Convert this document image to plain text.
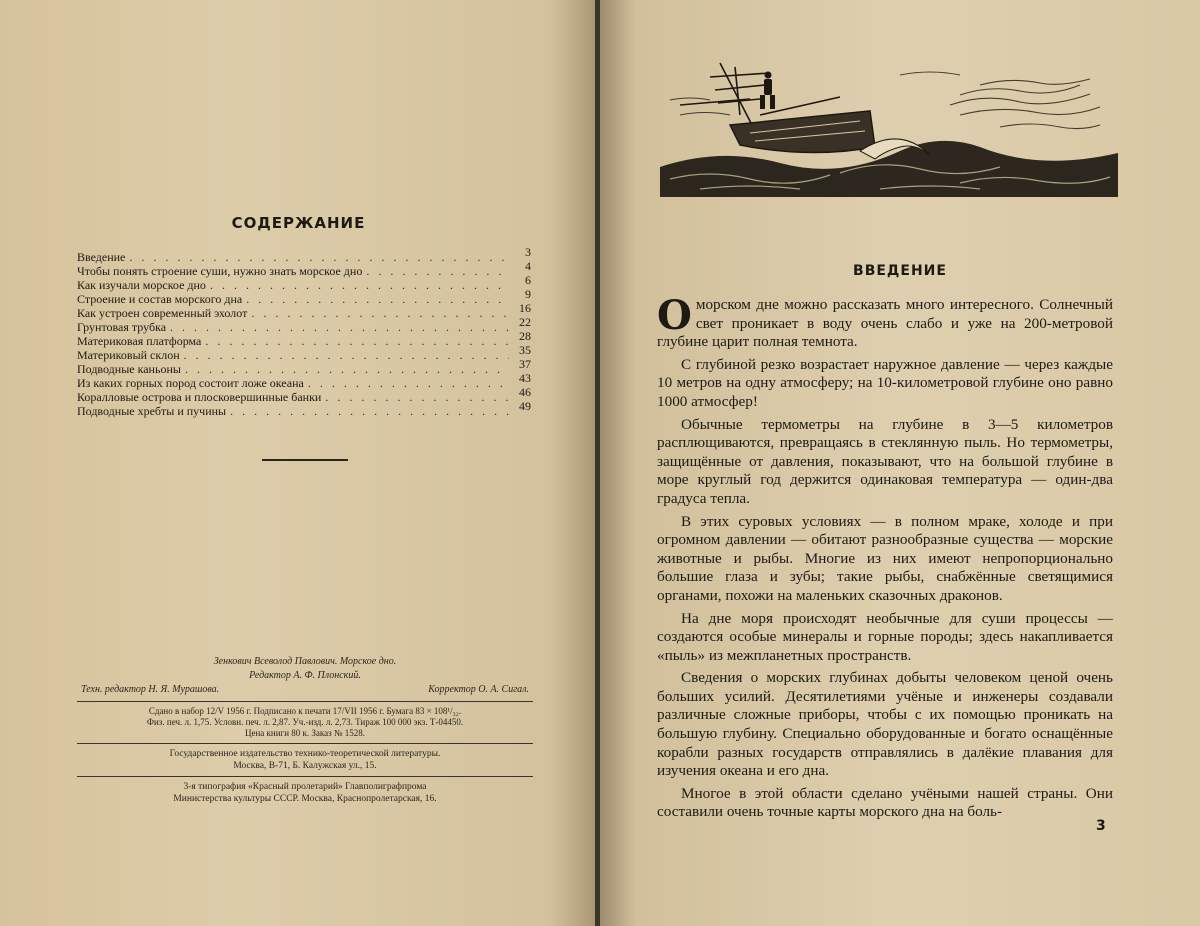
СОДЕРЖАНИЕ
Введение . . .	3
Чтобы понять строение суши, нужно знать морское дно . . .	4
Как изучали морское дно . . .	6
Строение и состав морского дна . . .	9
Как устроен современный эхолот . . .	16
Грунтовая трубка . . .	22
Материковая платформа . . .	28
Материковый склон . . .	35
Подводные каньоны . . .	37
Из каких горных пород состоит ложе океана . . .	43
Коралловые острова и плосковершинные банки . . .	46
Подводные хребты и пучины . . .	49
Зенкович Всеволод Павлович. Морское дно.
Редактор А. Ф. Плонский.
Техн. редактор Н. Я. Мурашова.	Корректор О. А. Сигал.
Сдано в набор 12/V 1956 г. Подписано к печати 17/VII 1956 г. Бумага 83 × 108¹/₃₂.
Физ. печ. л. 1,75. Условн. печ. л. 2,87. Уч.-изд. л. 2,73. Тираж 100 000 экз. Т-04450.
Цена книги 80 к. Заказ № 1528.
Государственное издательство технико-теоретической литературы.
Москва, В-71, Б. Калужская ул., 15.
3-я типография «Красный пролетарий» Главполиграфпрома
Министерства культуры СССР. Москва, Краснопролетарская, 16.
ВВЕДЕНИЕ

Оморском дне можно рассказать много интересного. Солнечный свет проникает в воду очень слабо и уже на 200-метровой глубине царит полная темнота.

С глубиной резко возрастает наружное давление — через каждые 10 метров на одну атмосферу; на 10-километровой глубине оно равно 1000 атмосфер!

Обычные термометры на глубине в 3—5 километров расплющиваются, превращаясь в стеклянную пыль. Но термометры, защищённые от давления, показывают, что на большой глубине в море круглый год держится одинаковая температура — один-два градуса тепла.

В этих суровых условиях — в полном мраке, холоде и при огромном давлении — обитают разнообразные существа — морские животные и рыбы. Многие из них имеют непропорционально большие глаза и зубы; такие рыбы, снабжённые светящимися органами, похожи на маленьких сказочных драконов.

На дне моря происходят необычные для суши процессы — создаются особые минералы и горные породы; здесь накапливается «пыль» из межпланетных пространств.

Сведения о морских глубинах добыты человеком ценой очень больших усилий. Десятилетиями учёные и инженеры создавали различные сложные приборы, чтобы с их помощью проникать на большую глубину. Специально оборудованные и богато оснащённые корабли разных государств отправлялись в далёкие плавания для изучения океана и его дна.

Многое в этой области сделано учёными нашей страны. Они составили очень точные карты морского дна на боль-

3
